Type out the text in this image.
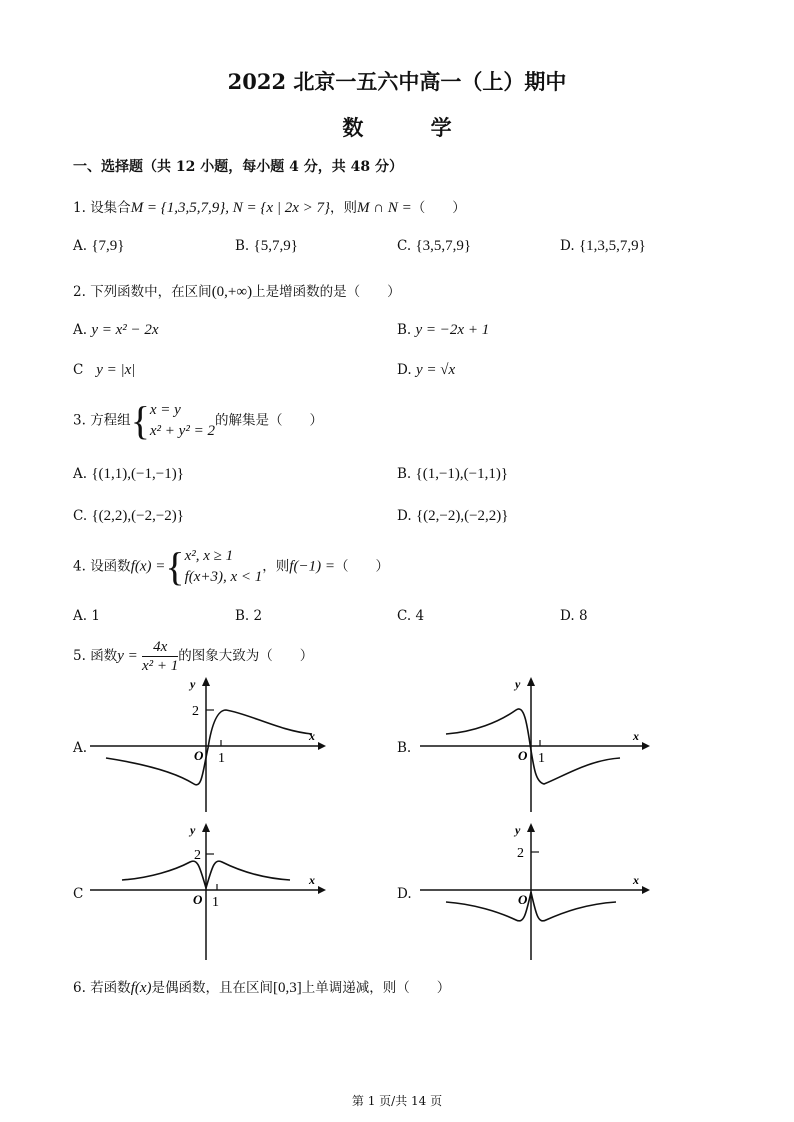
2022 北京一五六中高一（上）期中
数 学
一、选择题（共 12 小题，每小题 4 分，共 48 分）
1. 设集合M = {1,3,5,7,9}, N = {x | 2x > 7}，则M ∩ N =（　　）
A. {7,9}	B. {5,7,9}	C. {3,5,7,9}	D. {1,3,5,7,9}
2. 下列函数中，在区间(0,+∞)上是增函数的是（　　）
A. y = x² − 2x	B. y = −2x + 1
C y = |x|	D. y = √x
3. 方程组{ x = y
x² + y² = 2
的解集是（　　）
A. {(1,1),(−1,−1)}	B. {(1,−1),(−1,1)}
C. {(2,2),(−2,−2)}	D. {(2,−2),(−2,2)}
4. 设函数f(x) ={ x², x ≥ 1
f(x+3), x < 1
，则f(−1) =（　　）
A. 1	B. 2	C. 4	D. 8
5. 函数$y = \frac{4x}{\text{x² + 1}}$ 的图象大致为（　　）
A.
x
y
O 1
2
B.
x
y
O 1
C
x
y
O 1
2
D.
x
y
O
2
6. 若函数f(x)是偶函数，且在区间[0,3]上单调递减，则（　　）
第 1 页/共 14 页
